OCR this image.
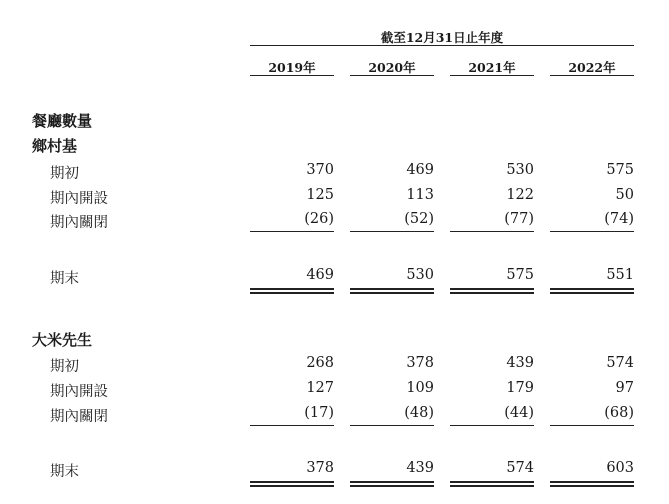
截至12月31日止年度
2019年	2020年	2021年	2022年
餐廳數量
鄉村基
期初	370	469	530	575
期內開設	125	113	122	50
期內關閉	(26)	(52)	(77)	(74)
期末	469	530	575	551
大米先生
期初	268	378	439	574
期內開設	127	109	179	97
期內關閉	(17)	(48)	(44)	(68)
期末	378	439	574	603
